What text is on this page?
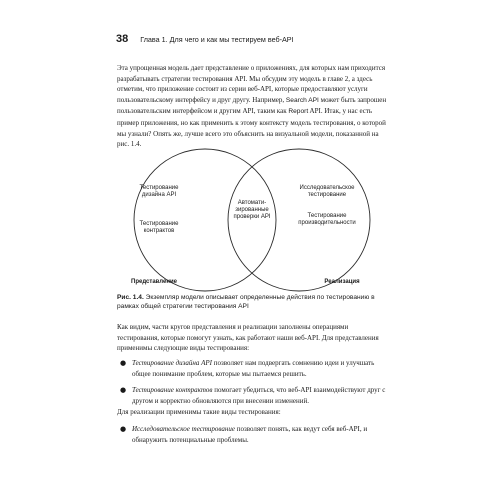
38 Глава 1. Для чего и как мы тестируем веб-API

Эта упрощенная модель дает представление о приложениях, для которых нам приходится разрабатывать стратегии тестирования API. Мы обсудим эту модель в главе 2, а здесь отметим, что приложение состоит из серии веб-API, которые предоставляют услуги пользовательскому интерфейсу и друг другу. Например, Search API может быть запрошен пользовательским интерфейсом и другим API, таким как Report API. Итак, у нас есть пример приложения, но как применить к этому контексту модель тестирования, о которой мы узнали? Опять же, лучше всего это объяснить на визуальной модели, показанной на рис. 1.4.

Тестирование
дизайна API
Тестирование
контрактов
Автомати-
зированные
проверки API
Исследовательское
тестирование
Тестирование
производительности
Представление	Реализация
Рис. 1.4. Экземпляр модели описывает определенные действия по тестированию в рамках общей стратегии тестирования API

Как видим, части кругов представления и реализации заполнены операциями тестирования, которые помогут узнать, как работают наши веб-API. Для представления применимы следующие виды тестирования:

● Тестирование дизайна API позволяет нам подвергать сомнению идеи и улучшать общее понимание проблем, которые мы пытаемся решить.
● Тестирование контрактов помогает убедиться, что веб-API взаимодействуют друг с другом и корректно обновляются при внесении изменений.

Для реализации применимы такие виды тестирования:

● Исследовательское тестирование позволяет понять, как ведут себя веб-API, и обнаружить потенциальные проблемы.
